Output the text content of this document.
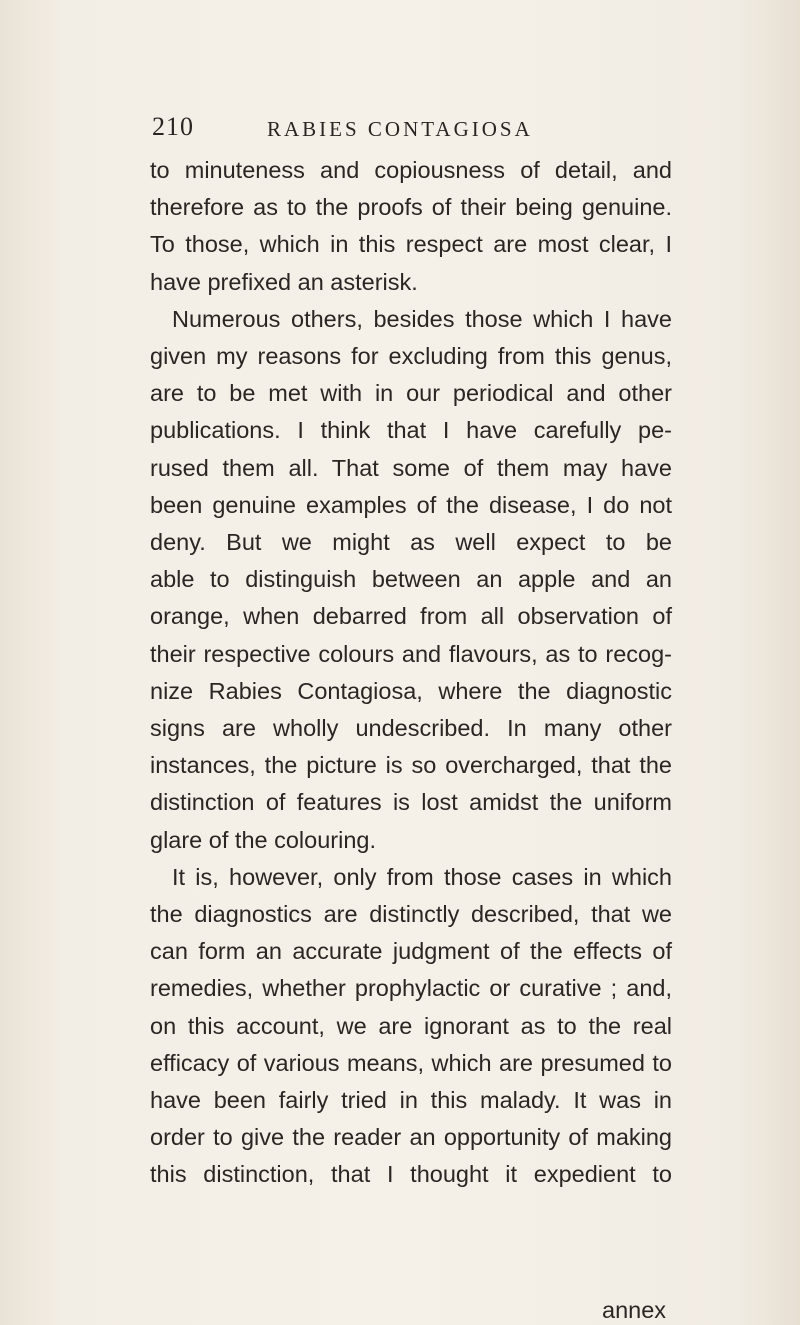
210	RABIES CONTAGIOSA
to minuteness and copiousness of detail, and
therefore as to the proofs of their being genuine.
To those, which in this respect are most clear, I
have prefixed an asterisk.
Numerous others, besides those which I have
given my reasons for excluding from this genus,
are to be met with in our periodical and other
publications. I think that I have carefully pe-
rused them all. That some of them may have
been genuine examples of the disease, I do not
deny. But we might as well expect to be
able to distinguish between an apple and an
orange, when debarred from all observation of
their respective colours and flavours, as to recog-
nize Rabies Contagiosa, where the diagnostic
signs are wholly undescribed. In many other
instances, the picture is so overcharged, that the
distinction of features is lost amidst the uniform
glare of the colouring.
It is, however, only from those cases in which
the diagnostics are distinctly described, that we
can form an accurate judgment of the effects of
remedies, whether prophylactic or curative ; and,
on this account, we are ignorant as to the real
efficacy of various means, which are presumed to
have been fairly tried in this malady. It was in
order to give the reader an opportunity of making
this distinction, that I thought it expedient to
annex
